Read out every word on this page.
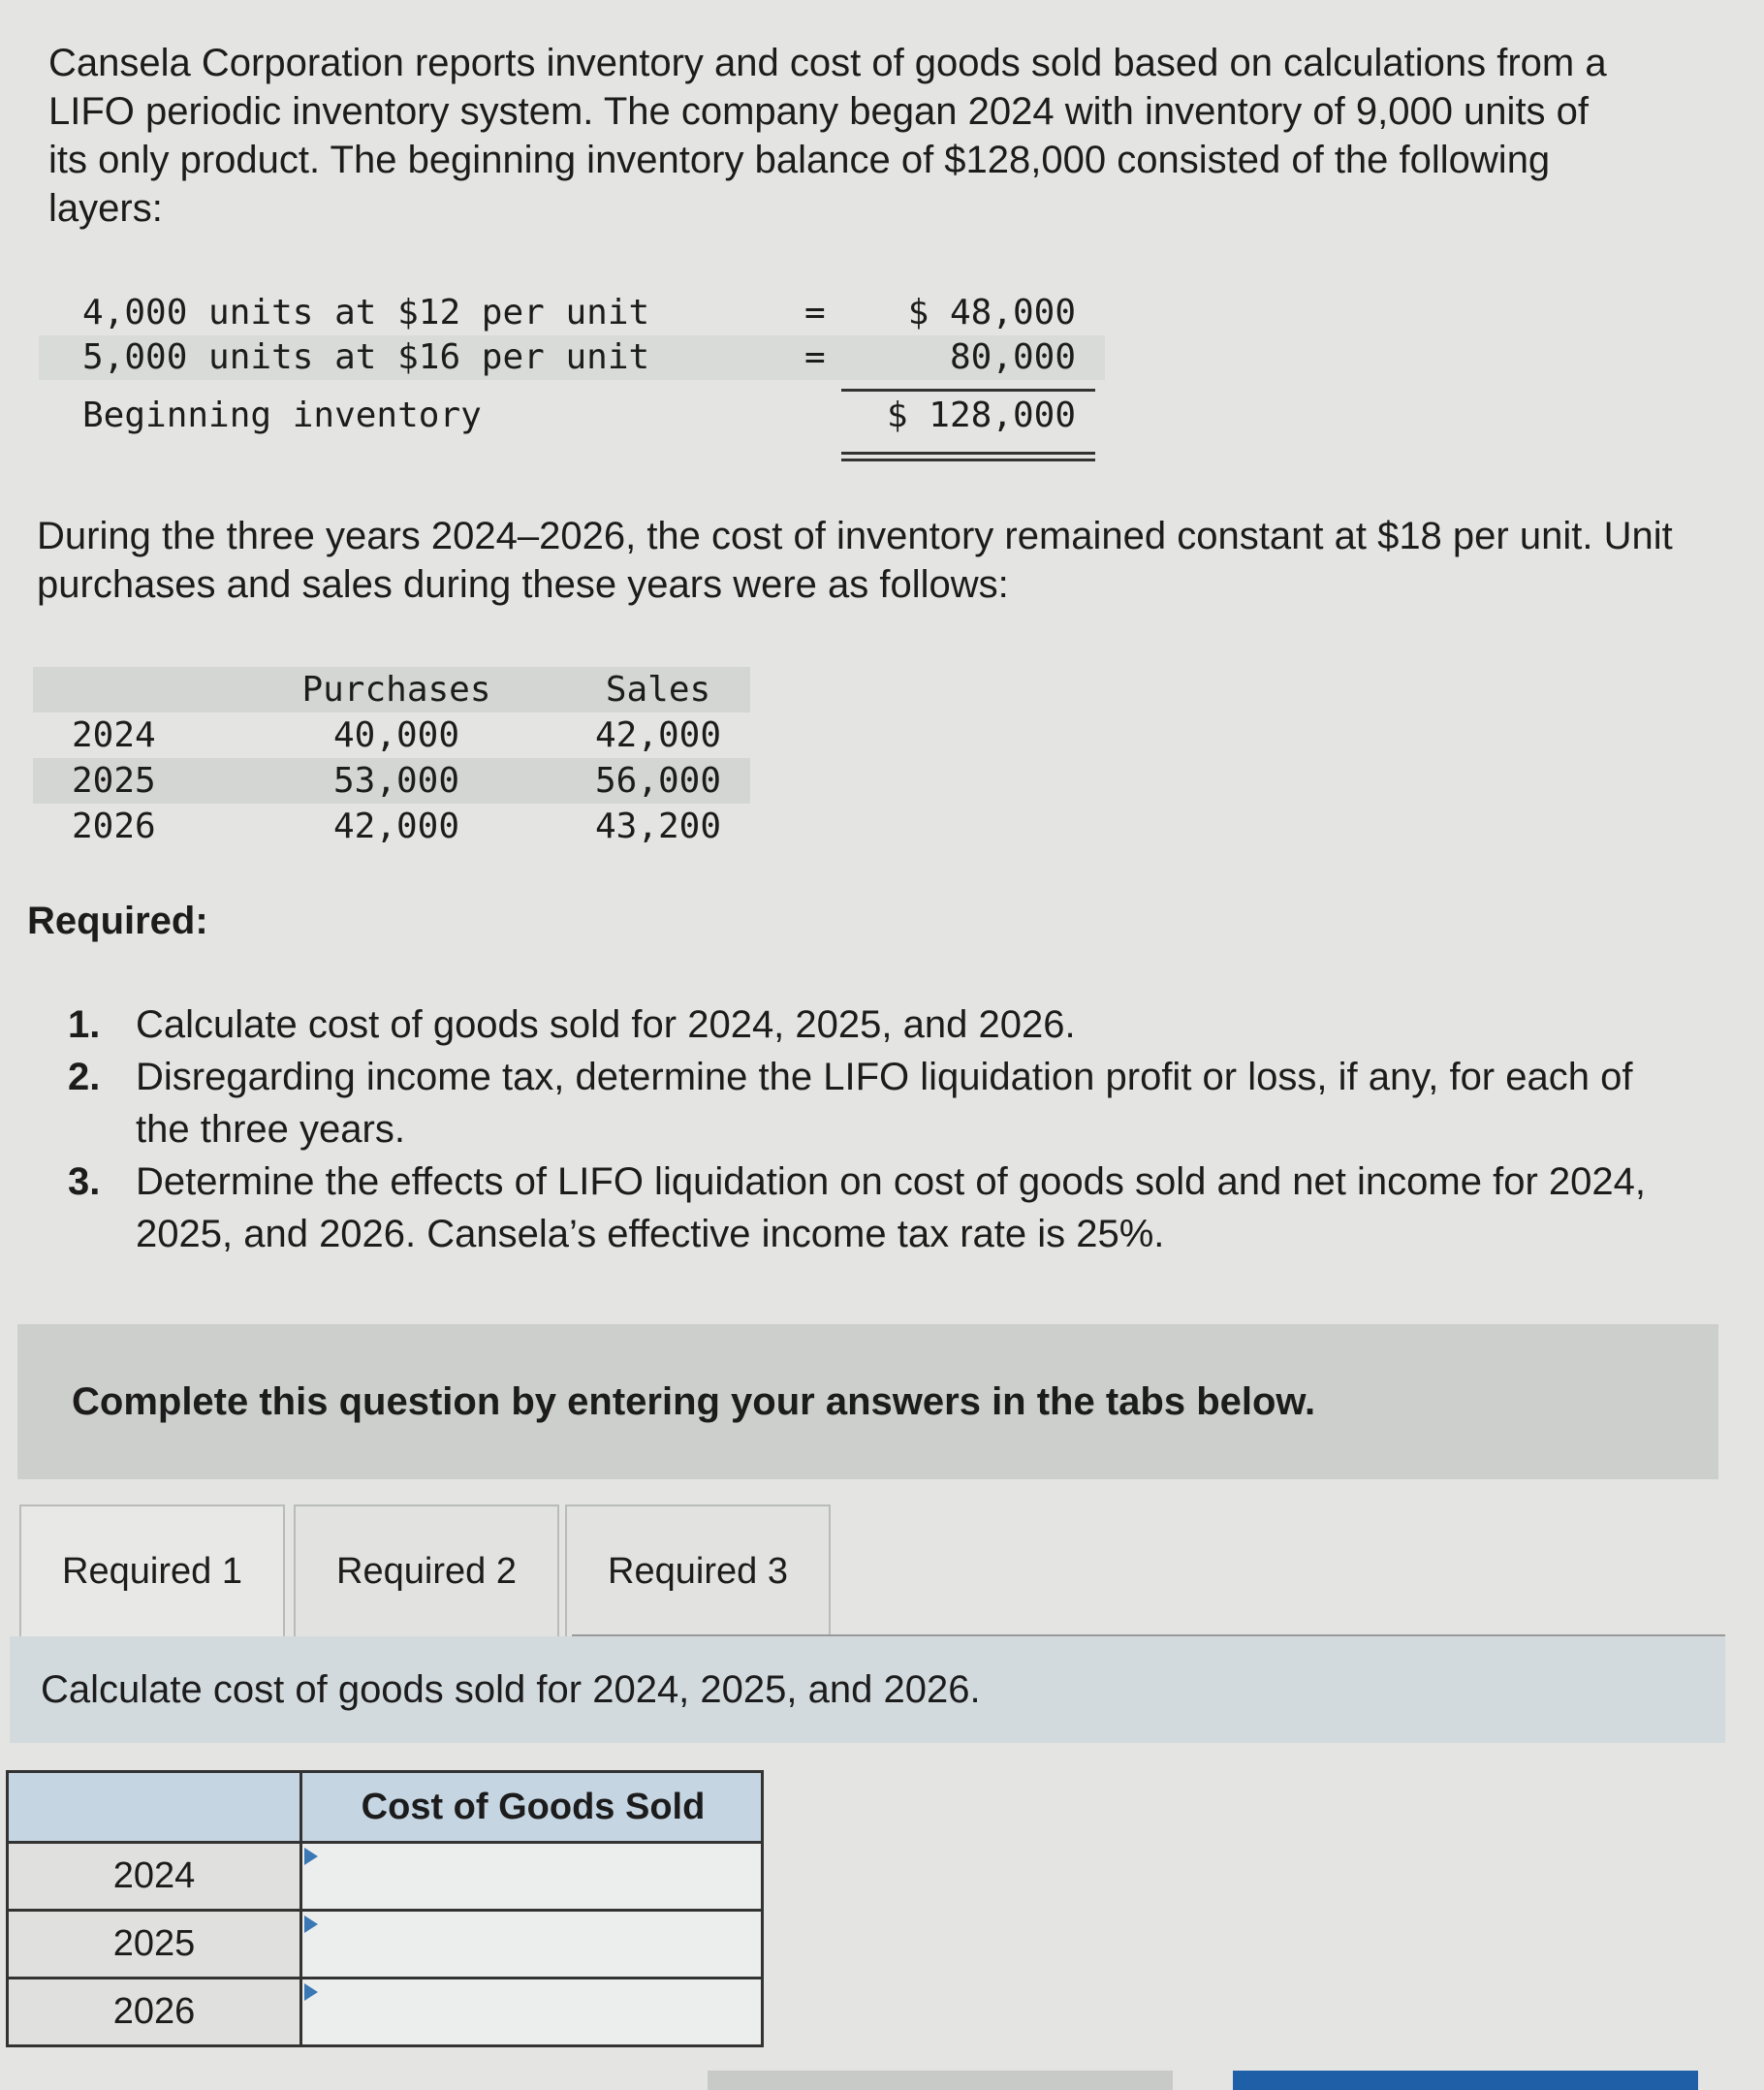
Cansela Corporation reports inventory and cost of goods sold based on calculations from a LIFO periodic inventory system. The company began 2024 with inventory of 9,000 units of its only product. The beginning inventory balance of $128,000 consisted of the following layers:
4,000 units at $12 per unit	=	$ 48,000
5,000 units at $16 per unit	=	80,000
Beginning inventory	$ 128,000
During the three years 2024–2026, the cost of inventory remained constant at $18 per unit. Unit purchases and sales during these years were as follows:
Purchases	Sales
2024	40,000	42,000
2025	53,000	56,000
2026	42,000	43,200
Required:
1. Calculate cost of goods sold for 2024, 2025, and 2026.
2. Disregarding income tax, determine the LIFO liquidation profit or loss, if any, for each of the three years.
3. Determine the effects of LIFO liquidation on cost of goods sold and net income for 2024, 2025, and 2026. Cansela’s effective income tax rate is 25%.
Complete this question by entering your answers in the tabs below.
Required 1	Required 2	Required 3
Calculate cost of goods sold for 2024, 2025, and 2026.
Cost of Goods Sold
2024
2025
2026
